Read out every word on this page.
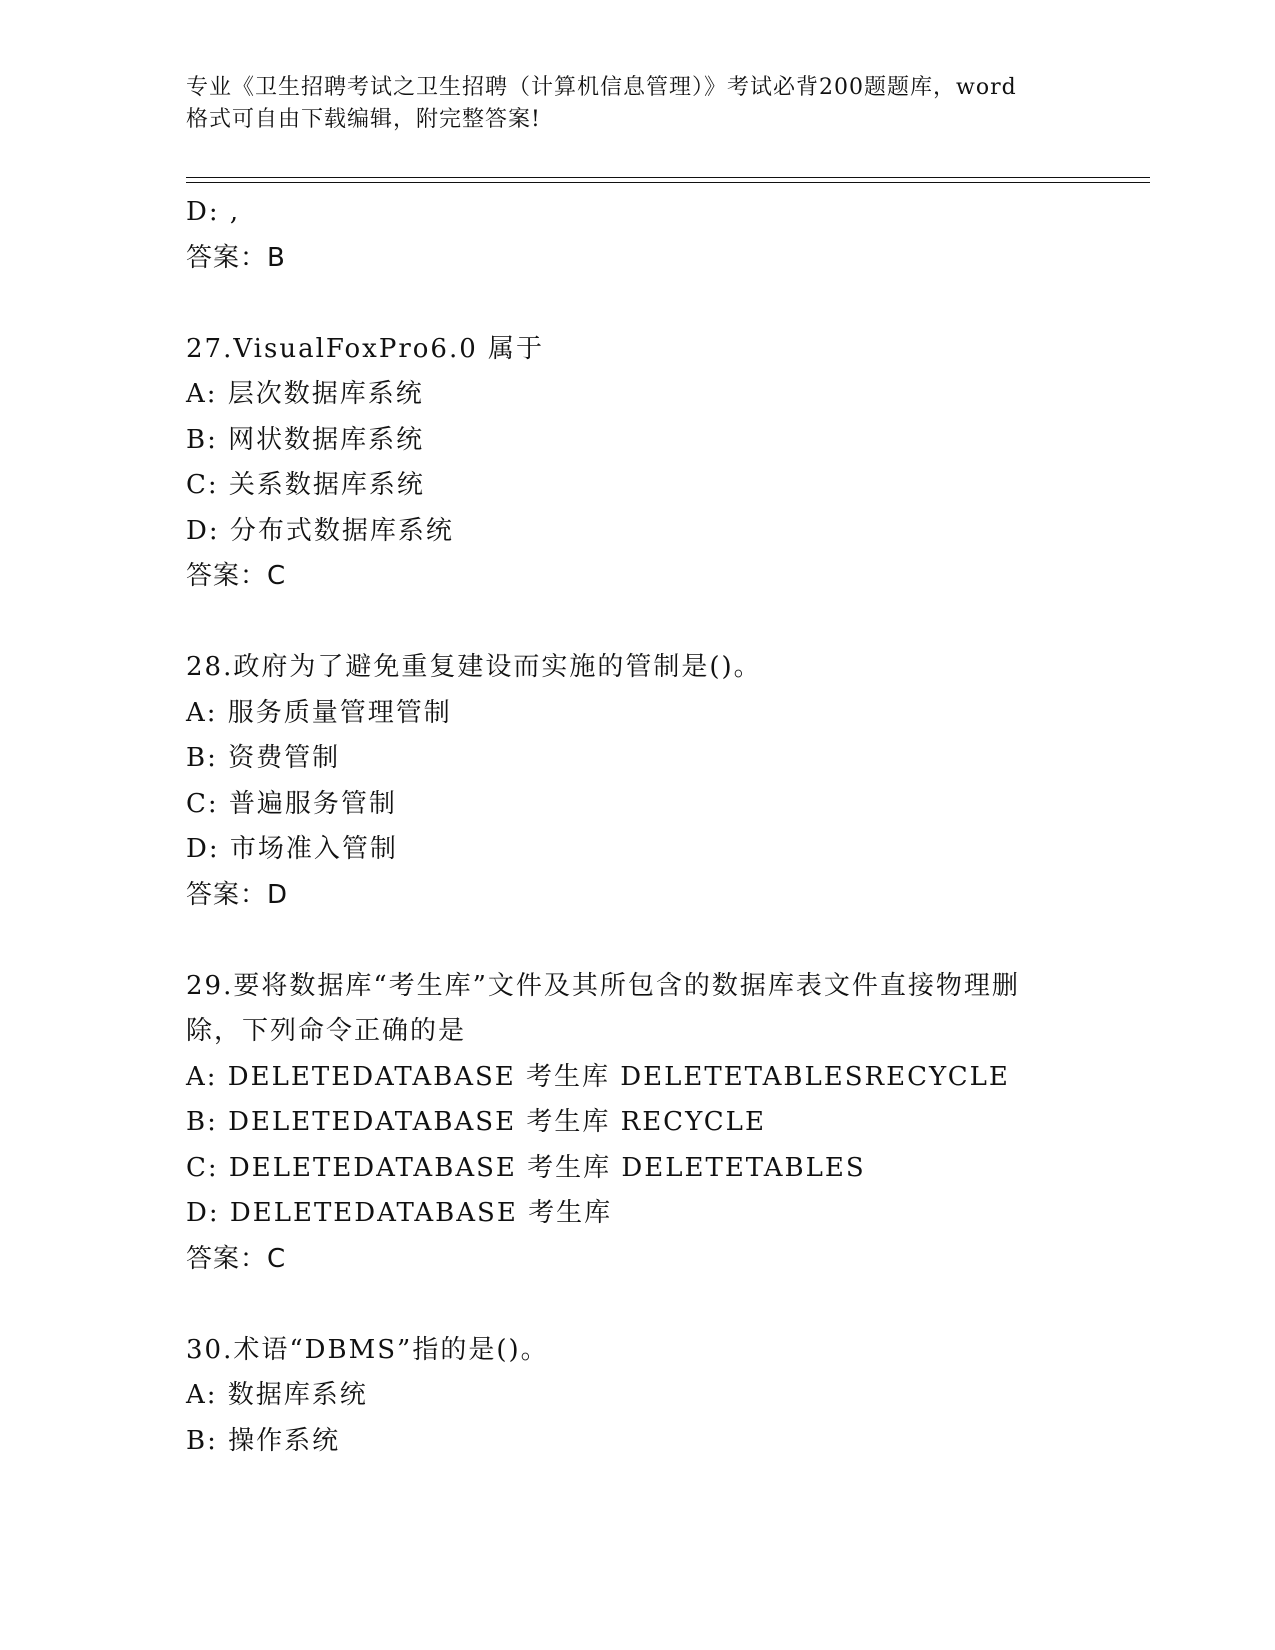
专业《卫生招聘考试之卫生招聘（计算机信息管理）》考试必背200题题库，word
格式可自由下载编辑，附完整答案!
D: ,
答案：B
27.VisualFoxPro6.0 属于
A: 层次数据库系统
B: 网状数据库系统
C: 关系数据库系统
D: 分布式数据库系统
答案：C
28.政府为了避免重复建设而实施的管制是()。
A: 服务质量管理管制
B: 资费管制
C: 普遍服务管制
D: 市场准入管制
答案：D
29.要将数据库“考生库”文件及其所包含的数据库表文件直接物理删
除，下列命令正确的是
A: DELETEDATABASE 考生库 DELETETABLESRECYCLE
B: DELETEDATABASE 考生库 RECYCLE
C: DELETEDATABASE 考生库 DELETETABLES
D: DELETEDATABASE 考生库
答案：C
30.术语“DBMS”指的是()。
A: 数据库系统
B: 操作系统
